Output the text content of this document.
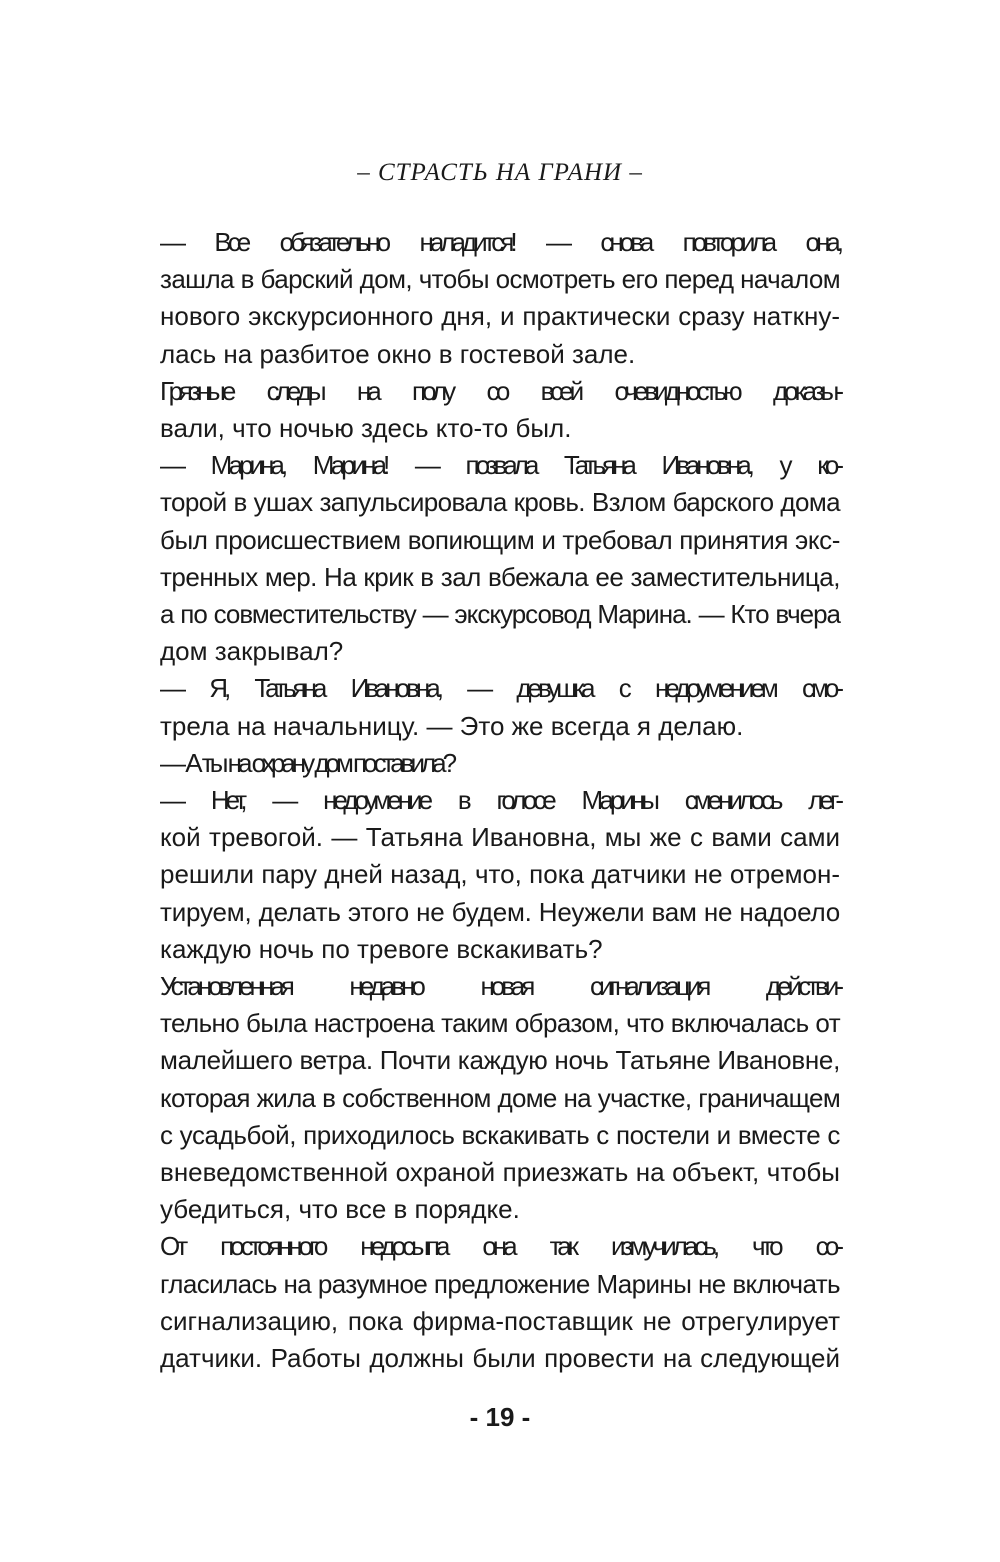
– СТРАСТЬ НА ГРАНИ –

— Все обязательно наладится! — снова повторила она,
зашла в барский дом, чтобы осмотреть его перед началом
нового экскурсионного дня, и практически сразу наткну-
лась на разбитое окно в гостевой зале.

Грязные следы на полу со всей очевидностью доказы-
вали, что ночью здесь кто-то был.

— Марина, Марина! — позвала Татьяна Ивановна, у ко-
торой в ушах запульсировала кровь. Взлом барского дома
был происшествием вопиющим и требовал принятия экс-
тренных мер. На крик в зал вбежала ее заместительница,
а по совместительству — экскурсовод Марина. — Кто вчера
дом закрывал?

— Я, Татьяна Ивановна, — девушка с недоумением смо-
трела на начальницу. — Это же всегда я делаю.

— А ты на охрану дом поставила?

— Нет, — недоумение в голосе Марины сменилось лег-
кой тревогой. — Татьяна Ивановна, мы же с вами сами
решили пару дней назад, что, пока датчики не отремон-
тируем, делать этого не будем. Неужели вам не надоело
каждую ночь по тревоге вскакивать?

Установленная недавно новая сигнализация действи-
тельно была настроена таким образом, что включалась от
малейшего ветра. Почти каждую ночь Татьяне Ивановне,
которая жила в собственном доме на участке, граничащем
с усадьбой, приходилось вскакивать с постели и вместе с
вневедомственной охраной приезжать на объект, чтобы
убедиться, что все в порядке.

От постоянного недосыпа она так измучилась, что со-
гласилась на разумное предложение Марины не включать
сигнализацию, пока фирма-поставщик не отрегулирует
датчики. Работы должны были провести на следующей

- 19 -
